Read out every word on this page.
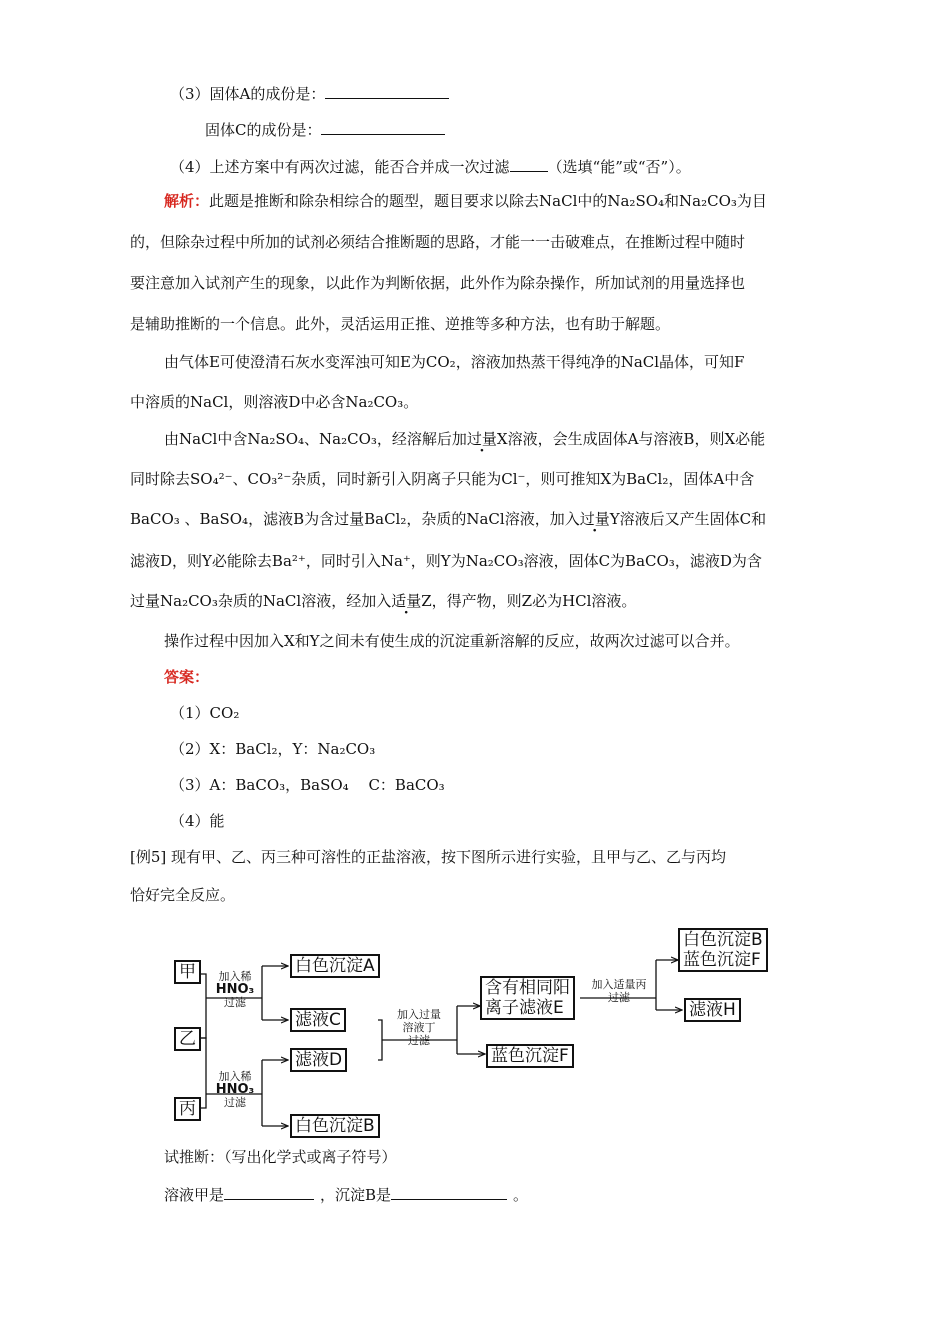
（3）固体A的成份是：
固体C的成份是：
（4）上述方案中有两次过滤，能否合并成一次过滤	（选填“能”或“否”）。
解析：此题是推断和除杂相综合的题型，题目要求以除去NaCl中的Na₂SO₄和Na₂CO₃为目
的，但除杂过程中所加的试剂必须结合推断题的思路，才能一一击破难点，在推断过程中随时
要注意加入试剂产生的现象，以此作为判断依据，此外作为除杂操作，所加试剂的用量选择也
是辅助推断的一个信息。此外，灵活运用正推、逆推等多种方法，也有助于解题。
由气体E可使澄清石灰水变浑浊可知E为CO₂，溶液加热蒸干得纯净的NaCl晶体，可知F
中溶质的NaCl，则溶液D中必含Na₂CO₃。
由NaCl中含Na₂SO₄、Na₂CO₃，经溶解后加过量X溶液，会生成固体A与溶液B，则X必能
同时除去SO₄²⁻、CO₃²⁻杂质，同时新引入阴离子只能为Cl⁻，则可推知X为BaCl₂，固体A中含
BaCO₃ 、BaSO₄，滤液B为含过量BaCl₂，杂质的NaCl溶液，加入过量Y溶液后又产生固体C和
滤液D，则Y必能除去Ba²⁺，同时引入Na⁺，则Y为Na₂CO₃溶液，固体C为BaCO₃，滤液D为含
过量Na₂CO₃杂质的NaCl溶液，经加入适量Z，得产物，则Z必为HCl溶液。
操作过程中因加入X和Y之间未有使生成的沉淀重新溶解的反应，故两次过滤可以合并。
答案：
（1）CO₂
（2）X：BaCl₂，Y：Na₂CO₃
（3）A：BaCO₃，BaSO₄　 C：BaCO₃
（4）能
[例5] 现有甲、乙、丙三种可溶性的正盐溶液，按下图所示进行实验，且甲与乙、乙与丙均
恰好完全反应。
甲
乙
丙
加入稀
HNO₃
过滤
加入稀
HNO₃
过滤
白色沉淀A
滤液C
滤液D
白色沉淀B
加入过量
溶液丁
过滤
含有相同阳
离子滤液E
蓝色沉淀F
加入适量丙
过滤
白色沉淀B
蓝色沉淀F
滤液H
试推断：（写出化学式或离子符号）
溶液甲是	，沉淀B是	。
